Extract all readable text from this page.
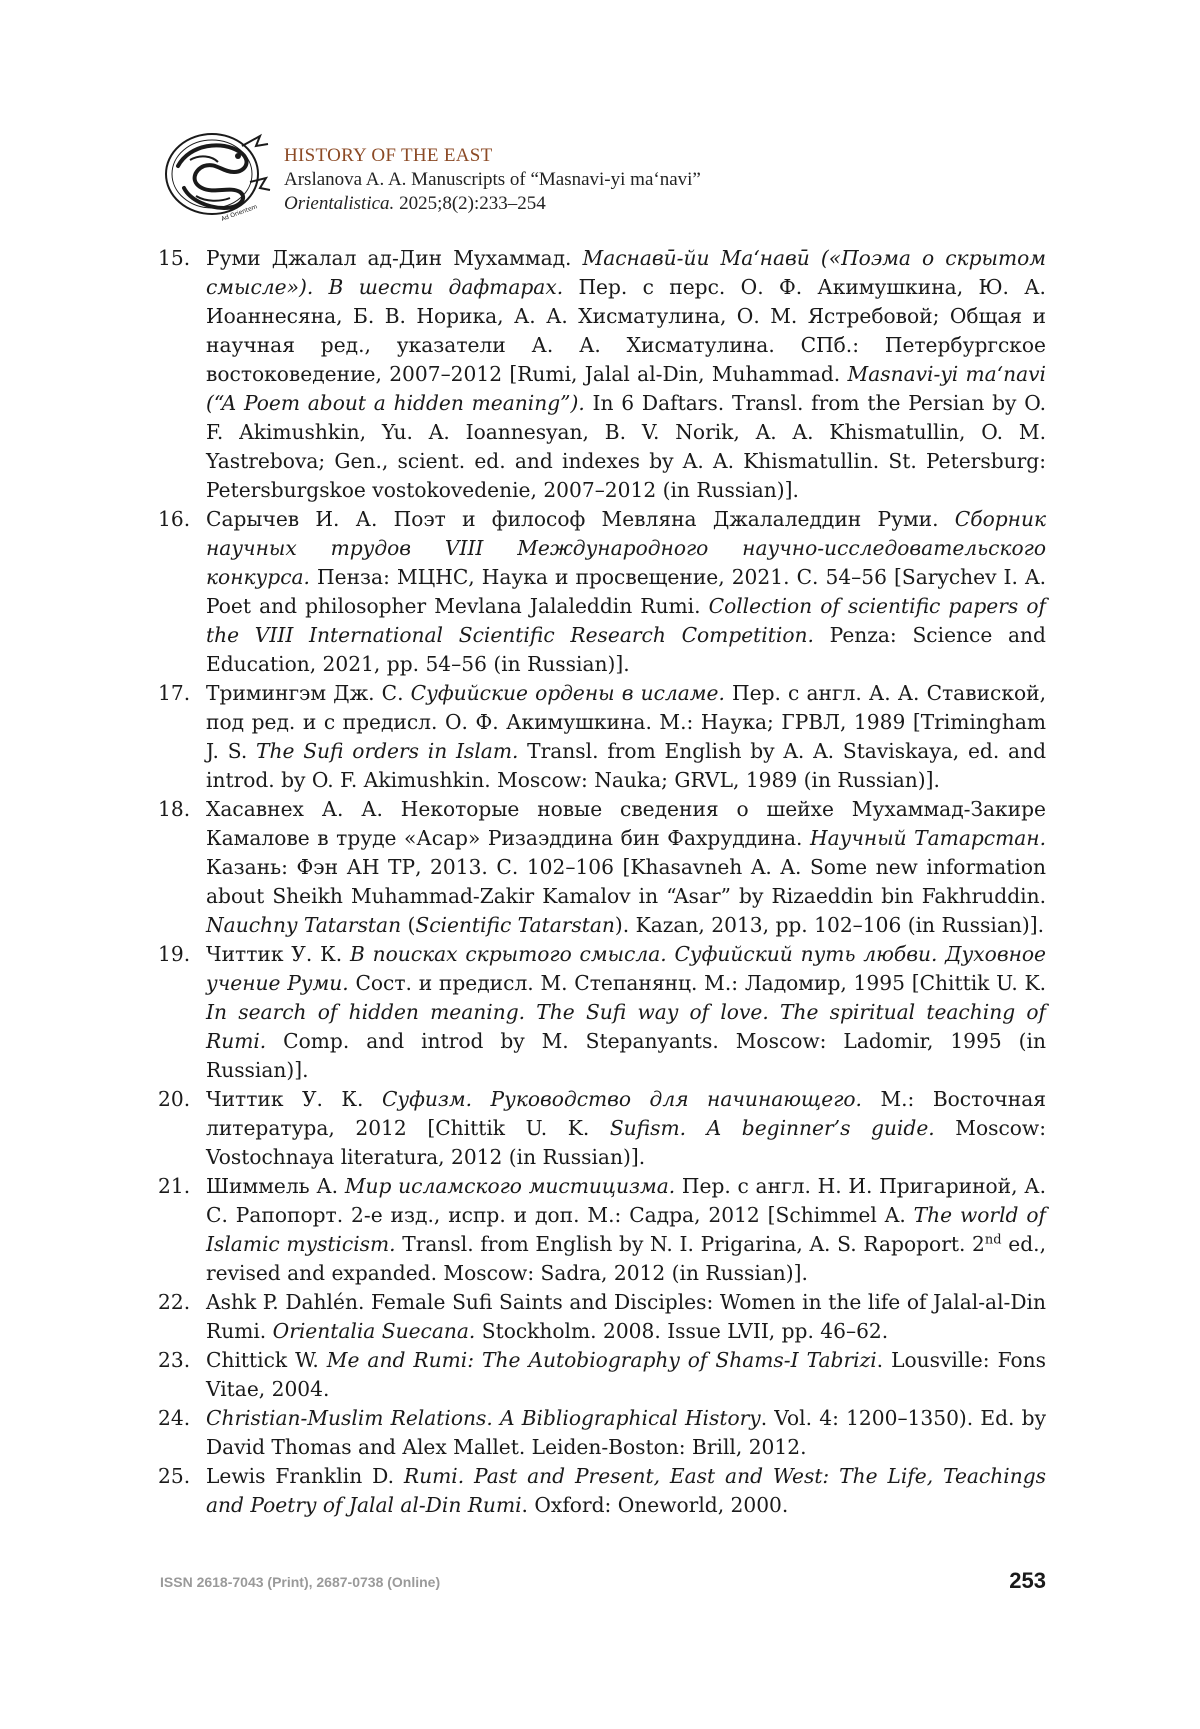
Ad Orientem
HISTORY OF THE EAST
Arslanova A. A. Manuscripts of “Masnavi-yi ma‘navi”
Orientalistica. 2025;8(2):233–254
15. Руми Джалал ад-Дин Мухаммад. Маснавӣ-йи Ма‘навӣ («Поэма о скрытом смысле»). В шести дафтарах. Пер. с перс. О. Ф. Акимушкина, Ю. А. Иоаннесяна, Б. В. Норика, А. А. Хисматулина, О. М. Ястребовой; Общая и научная ред., указатели А. А. Хисматулина. СПб.: Петербургское востоковедение, 2007–2012 [Rumi, Jalal al-Din, Muhammad. Masnavi-yi ma‘navi (“A Poem about a hidden meaning”). In 6 Daftars. Transl. from the Persian by O. F. Akimushkin, Yu. A. Ioannesyan, B. V. Norik, A. A. Khismatullin, O. M. Yastrebova; Gen., scient. ed. and indexes by A. A. Khismatullin. St. Petersburg: Petersburgskoe vostokovedenie, 2007–2012 (in Russian)].
16. Сарычев И. А. Поэт и философ Мевляна Джалаледдин Руми. Сборник научных трудов VIII Международного научно-исследовательского конкурса. Пенза: МЦНС, Наука и просвещение, 2021. С. 54–56 [Sarychev I. A. Poet and philosopher Mevlana Jalaleddin Rumi. Collection of scientific papers of the VIII International Scientific Research Competition. Penza: Science and Education, 2021, pp. 54–56 (in Russian)].
17. Тримингэм Дж. С. Суфийские ордены в исламе. Пер. с англ. А. А. Ставиской, под ред. и с предисл. О. Ф. Акимушкина. М.: Наука; ГРВЛ, 1989 [Trimingham J. S. The Sufi orders in Islam. Transl. from English by A. A. Staviskaya, ed. and introd. by O. F. Akimushkin. Moscow: Nauka; GRVL, 1989 (in Russian)].
18. Хасавнех А. А. Некоторые новые сведения о шейхе Мухаммад-Закире Камалове в труде «Асар» Ризаэддина бин Фахруддина. Научный Татарстан. Казань: Фэн АН ТР, 2013. С. 102–106 [Khasavneh A. A. Some new information about Sheikh Muhammad-Zakir Kamalov in “Asar” by Rizaeddin bin Fakhruddin. Nauchny Tatarstan (Scientific Tatarstan). Kazan, 2013, pp. 102–106 (in Russian)].
19. Читтик У. К. В поисках скрытого смысла. Суфийский путь любви. Духовное учение Руми. Сост. и предисл. М. Степанянц. М.: Ладомир, 1995 [Chittik U. K. In search of hidden meaning. The Sufi way of love. The spiritual teaching of Rumi. Comp. and introd by M. Stepanyants. Moscow: Ladomir, 1995 (in Russian)].
20. Читтик У. К. Суфизм. Руководство для начинающего. М.: Восточная литература, 2012 [Chittik U. K. Sufism. A beginner’s guide. Moscow: Vostochnaya literatura, 2012 (in Russian)].
21. Шиммель А. Мир исламского мистицизма. Пер. с англ. Н. И. Пригариной, А. С. Рапопорт. 2-е изд., испр. и доп. М.: Садра, 2012 [Schimmel A. The world of Islamic mysticism. Transl. from English by N. I. Prigarina, A. S. Rapoport. 2nd ed., revised and expanded. Moscow: Sadra, 2012 (in Russian)].
22. Ashk P. Dahlén. Female Sufi Saints and Disciples: Women in the life of Jalal-al-Din Rumi. Orientalia Suecana. Stockholm. 2008. Issue LVII, pp. 46–62.
23. Chittick W. Me and Rumi: The Autobiography of Shams-I Tabrizi. Lousville: Fons Vitae, 2004.
24. Christian-Muslim Relations. A Bibliographical History. Vol. 4: 1200–1350). Ed. by David Thomas and Alex Mallet. Leiden-Boston: Brill, 2012.
25. Lewis Franklin D. Rumi. Past and Present, East and West: The Life, Teachings and Poetry of Jalal al-Din Rumi. Oxford: Oneworld, 2000.
ISSN 2618-7043 (Print), 2687-0738 (Online)	253
